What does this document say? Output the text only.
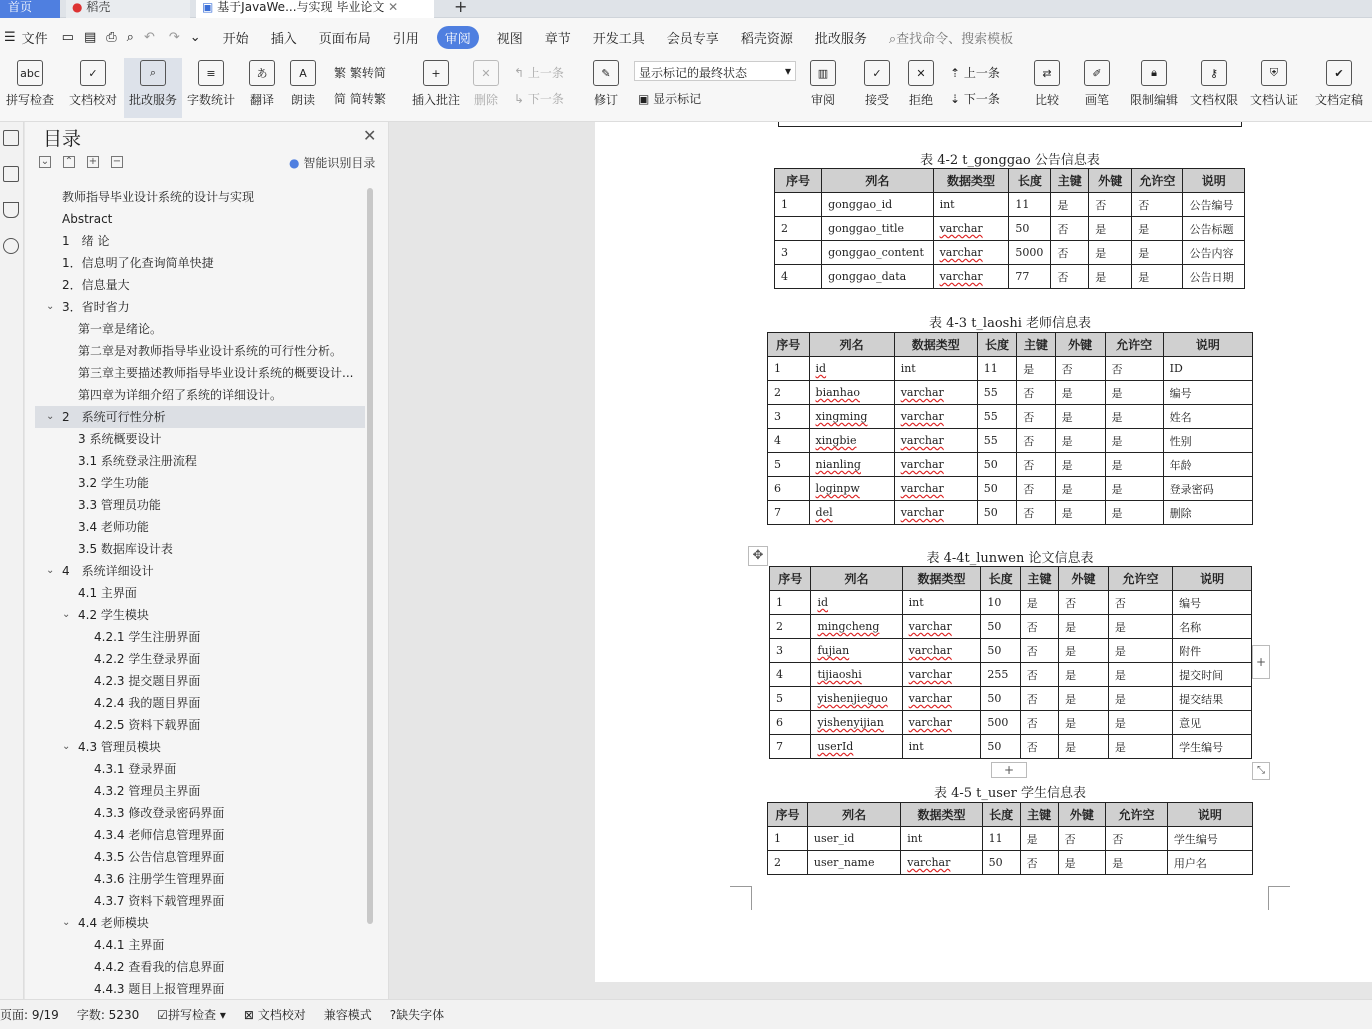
首页	● 稻壳	▣ 基于JavaWe...与实现 毕业论文 ✕	+
☰ 文件 ▭ ▤ ⎙ ⌕ ↶ ↷ ⌄ 开始 插入 页面布局 引用	审阅	视图 章节 开发工具 会员专享 稻壳资源 批改服务 ⌕查找命令、搜索模板
abc
拼写检查
✓
文档校对
⌕
批改服务
≡
字数统计
あ
翻译
A
朗读
繁 繁转简
简 简转繁
+
插入批注
✕
删除
↰ 上一条
↳ 下一条
✎
修订
显示标记的最终状态	▾
▣ 显示标记
▥
审阅
✓
接受
✕
拒绝
⇡ 上一条
⇣ 下一条
⇄
比较
✐
画笔
🔒︎
限制编辑
⚷
文档权限
⛨
文档认证
✔
文档定稿
目录	✕
⌄ ⌃ + −	● 智能识别目录
教师指导毕业设计系统的设计与实现
Abstract
1　绪 论
1．信息明了化查询简单快捷
2．信息量大
⌄ 3．省时省力
第一章是绪论。
第二章是对教师指导毕业设计系统的可行性分析。
第三章主要描述教师指导毕业设计系统的概要设计...
第四章为详细介绍了系统的详细设计。
⌄ 2　系统可行性分析
3 系统概要设计
3.1 系统登录注册流程
3.2 学生功能
3.3 管理员功能
3.4 老师功能
3.5 数据库设计表
⌄ 4　系统详细设计
4.1 主界面
⌄ 4.2 学生模块
4.2.1 学生注册界面
4.2.2 学生登录界面
4.2.3 提交题目界面
4.2.4 我的题目界面
4.2.5 资料下载界面
⌄ 4.3 管理员模块
4.3.1 登录界面
4.3.2 管理员主界面
4.3.3 修改登录密码界面
4.3.4 老师信息管理界面
4.3.5 公告信息管理界面
4.3.6 注册学生管理界面
4.3.7 资料下载管理界面
⌄ 4.4 老师模块
4.4.1 主界面
4.4.2 查看我的信息界面
4.4.3 题目上报管理界面
表 4-2 t_gonggao 公告信息表
序号	列名	数据类型	长度	主键	外键	允许空	说明
1	gonggao_id	int	11	是	否	否	公告编号
2	gonggao_title	varchar	50	否	是	是	公告标题
3	gonggao_content	varchar	5000	否	是	是	公告内容
4	gonggao_data	varchar	77	否	是	是	公告日期
表 4-3 t_laoshi 老师信息表
序号	列名	数据类型	长度	主键	外键	允许空	说明
1	id	int	11	是	否	否	ID
2	bianhao	varchar	55	否	是	是	编号
3	xingming	varchar	55	否	是	是	姓名
4	xingbie	varchar	55	否	是	是	性别
5	nianling	varchar	50	否	是	是	年龄
6	loginpw	varchar	50	否	是	是	登录密码
7	del	varchar	50	否	是	是	删除
表 4-4t_lunwen 论文信息表
✥
序号	列名	数据类型	长度	主键	外键	允许空	说明
1	id	int	10	是	否	否	编号
2	mingcheng	varchar	50	否	是	是	名称
3	fujian	varchar	50	否	是	是	附件
4	tijiaoshi	varchar	255	否	是	是	提交时间
5	yishenjieguo	varchar	50	否	是	是	提交结果
6	yishenyijian	varchar	500	否	是	是	意见
7	userId	int	50	否	是	是	学生编号
+
+	⤡
表 4-5 t_user 学生信息表
序号	列名	数据类型	长度	主键	外键	允许空	说明
1	user_id	int	11	是	否	否	学生编号
2	user_name	varchar	50	否	是	是	用户名
页面: 9/19 字数: 5230 ☑拼写检查 ▾ ⊠ 文档校对 兼容模式 ?缺失字体
